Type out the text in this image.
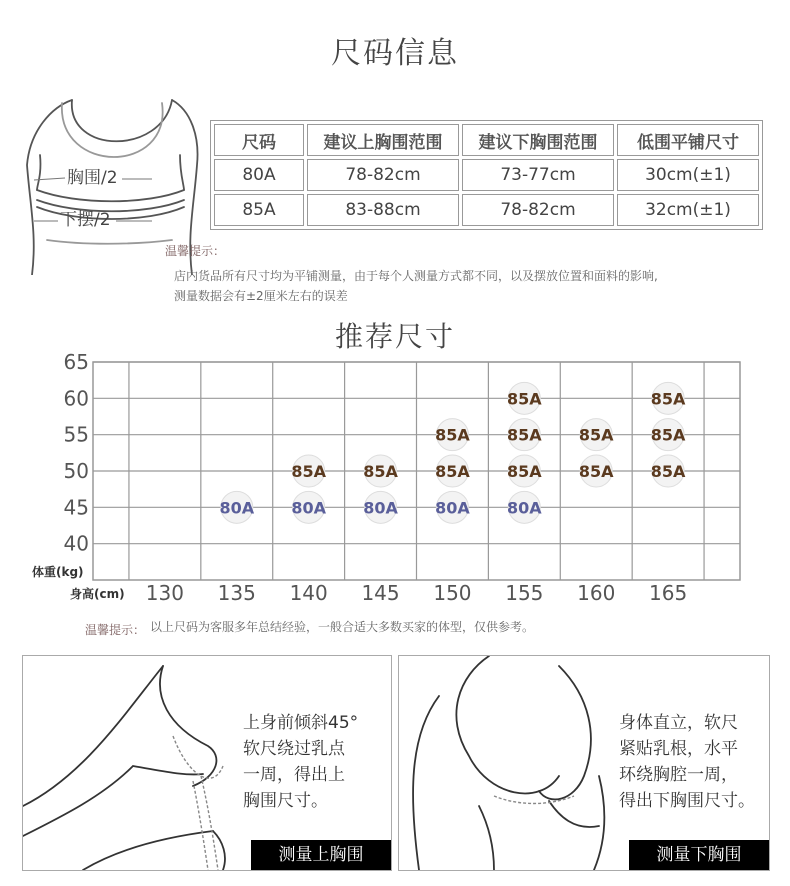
尺码信息
胸围/2
下摆/2
尺码	建议上胸围范围	建议下胸围范围	低围平铺尺寸
80A	78-82cm	73-77cm	30cm(±1)
85A	83-88cm	78-82cm	32cm(±1)
温馨提示：
店内货品所有尺寸均为平铺测量，由于每个人测量方式都不同，以及摆放位置和面料的影响,
测量数据会有±2厘米左右的误差
推荐尺寸
40
45
50
55
60
65
130 135 140 145 150 155 160 165
80A 80A 80A 80A 80A
85A 85A 85A 85A 85A 85A
85A 85A 85A 85A
85A	85A
体重(kg)
身高(cm)
温馨提示： 以上尺码为客服多年总结经验，一般合适大多数买家的体型，仅供参考。
上身前倾斜45°
软尺绕过乳点
一周，得出上
胸围尺寸。
测量上胸围
身体直立，软尺
紧贴乳根，水平
环绕胸腔一周，
得出下胸围尺寸。
测量下胸围
